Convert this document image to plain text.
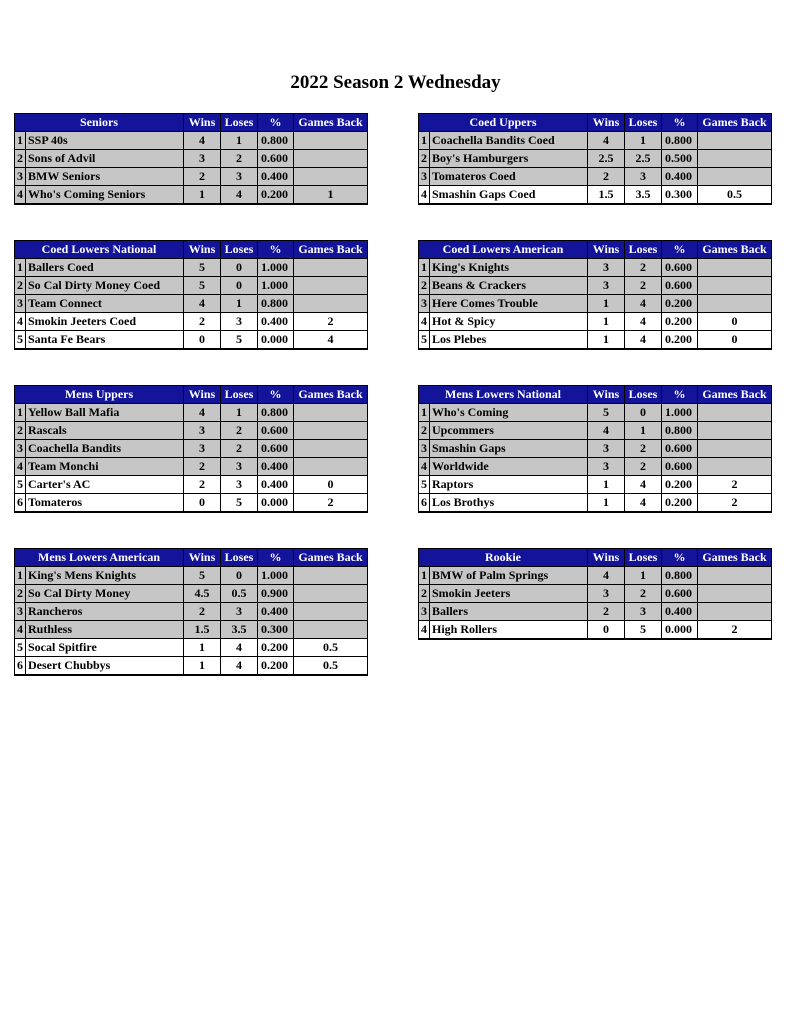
2022 Season 2 Wednesday
Seniors		Wins	Loses	%	Games Back
1	SSP 40s	4	1	0.800	
2	Sons of Advil	3	2	0.600	
3	BMW Seniors	2	3	0.400	
4	Who's Coming Seniors	1	4	0.200	1
Coed Uppers		Wins	Loses	%	Games Back
1	Coachella Bandits Coed	4	1	0.800	
2	Boy's Hamburgers	2.5	2.5	0.500	
3	Tomateros Coed	2	3	0.400	
4	Smashin Gaps Coed	1.5	3.5	0.300	0.5
Coed Lowers National		Wins	Loses	%	Games Back
1	Ballers Coed	5	0	1.000	
2	So Cal Dirty Money Coed	5	0	1.000	
3	Team Connect	4	1	0.800	
4	Smokin Jeeters Coed	2	3	0.400	2
5	Santa Fe Bears	0	5	0.000	4
Coed Lowers American		Wins	Loses	%	Games Back
1	King's Knights	3	2	0.600	
2	Beans & Crackers	3	2	0.600	
3	Here Comes Trouble	1	4	0.200	
4	Hot & Spicy	1	4	0.200	0
5	Los Plebes	1	4	0.200	0
Mens Uppers		Wins	Loses	%	Games Back
1	Yellow Ball Mafia	4	1	0.800	
2	Rascals	3	2	0.600	
3	Coachella Bandits	3	2	0.600	
4	Team Monchi	2	3	0.400	
5	Carter's AC	2	3	0.400	0
6	Tomateros	0	5	0.000	2
Mens Lowers National		Wins	Loses	%	Games Back
1	Who's Coming	5	0	1.000	
2	Upcommers	4	1	0.800	
3	Smashin Gaps	3	2	0.600	
4	Worldwide	3	2	0.600	
5	Raptors	1	4	0.200	2
6	Los Brothys	1	4	0.200	2
Mens Lowers American		Wins	Loses	%	Games Back
1	King's Mens Knights	5	0	1.000	
2	So Cal Dirty Money	4.5	0.5	0.900	
3	Rancheros	2	3	0.400	
4	Ruthless	1.5	3.5	0.300	
5	Socal Spitfire	1	4	0.200	0.5
6	Desert Chubbys	1	4	0.200	0.5
Rookie		Wins	Loses	%	Games Back
1	BMW of Palm Springs	4	1	0.800	
2	Smokin Jeeters	3	2	0.600	
3	Ballers	2	3	0.400	
4	High Rollers	0	5	0.000	2
